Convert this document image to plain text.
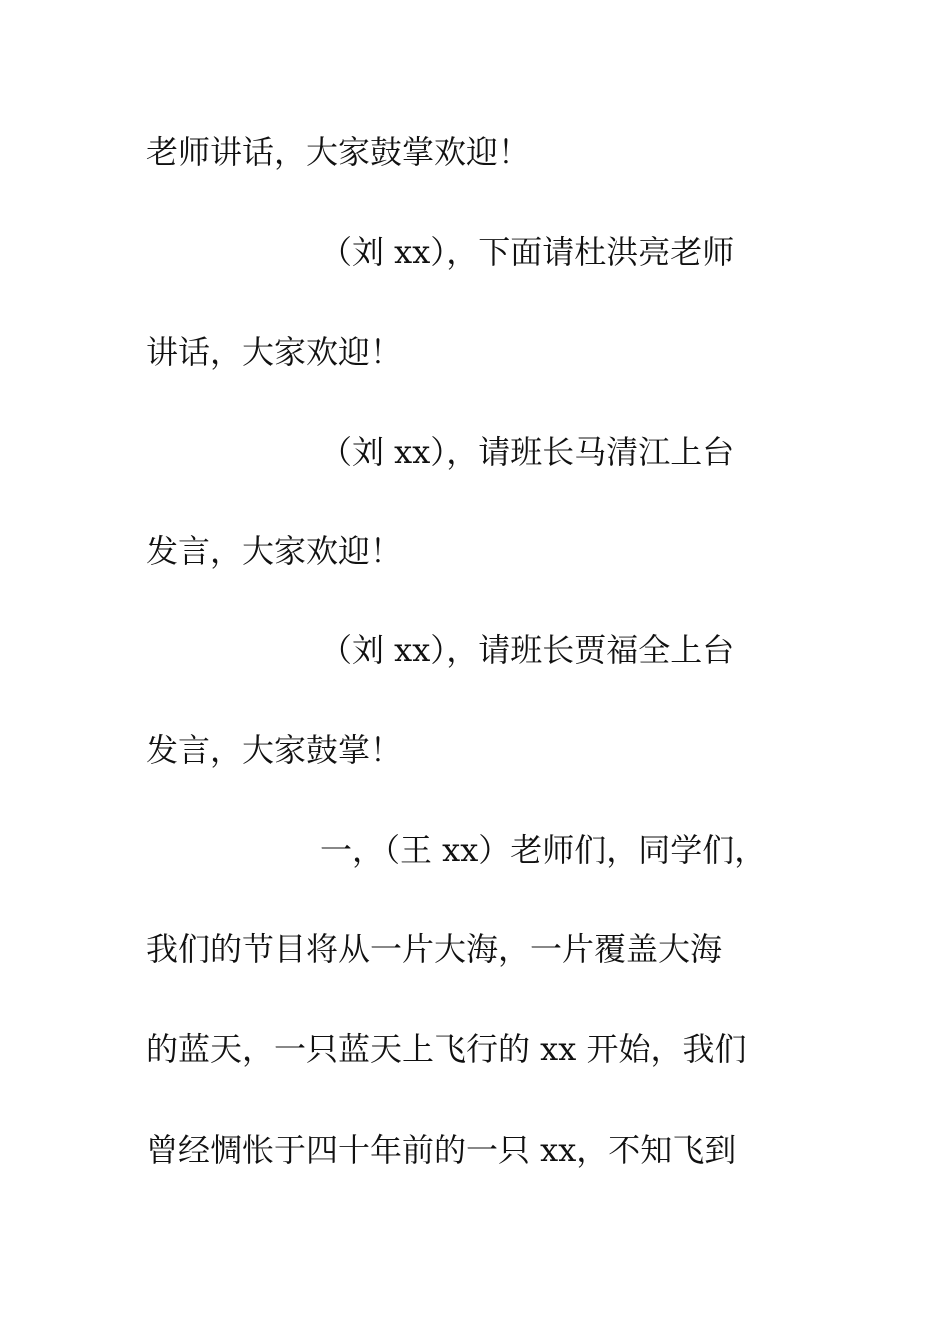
老师讲话，大家鼓掌欢迎！
（刘 xx），下面请杜洪亮老师
讲话，大家欢迎！
（刘 xx），请班长马清江上台
发言，大家欢迎！
（刘 xx），请班长贾福全上台
发言，大家鼓掌！
一，（王 xx）老师们，同学们，
我们的节目将从一片大海，一片覆盖大海
的蓝天，一只蓝天上飞行的 xx 开始，我们
曾经惆怅于四十年前的一只 xx，不知飞到
